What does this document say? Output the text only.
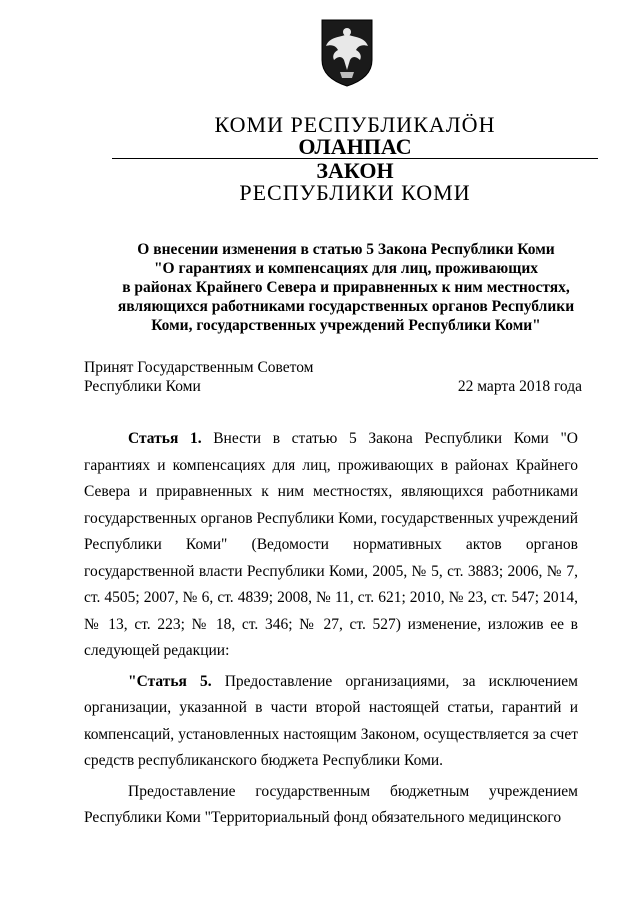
КОМИ РЕСПУБЛИКАЛÖН
ОЛАНПАС
ЗАКОН
РЕСПУБЛИКИ КОМИ
О внесении изменения в статью 5 Закона Республики Коми
"О гарантиях и компенсациях для лиц, проживающих
в районах Крайнего Севера и приравненных к ним местностях,
являющихся работниками государственных органов Республики
Коми, государственных учреждений Республики Коми"
Принят Государственным Советом
Республики Коми	22 марта 2018 года

Статья 1. Внести в статью 5 Закона Республики Коми "О гарантиях и компенсациях для лиц, проживающих в районах Крайнего Севера и приравненных к ним местностях, являющихся работниками государственных органов Республики Коми, государственных учреждений Республики Коми" (Ведомости нормативных актов органов государственной власти Республики Коми, 2005, № 5, ст. 3883; 2006, № 7, ст. 4505; 2007, № 6, ст. 4839; 2008, № 11, ст. 621; 2010, № 23, ст. 547; 2014, № 13, ст. 223; № 18, ст. 346; № 27, ст. 527) изменение, изложив ее в следующей редакции:

"Статья 5. Предоставление организациями, за исключением организации, указанной в части второй настоящей статьи, гарантий и компенсаций, установленных настоящим Законом, осуществляется за счет средств республиканского бюджета Республики Коми.

Предоставление государственным бюджетным учреждением Республики Коми "Территориальный фонд обязательного медицинского
